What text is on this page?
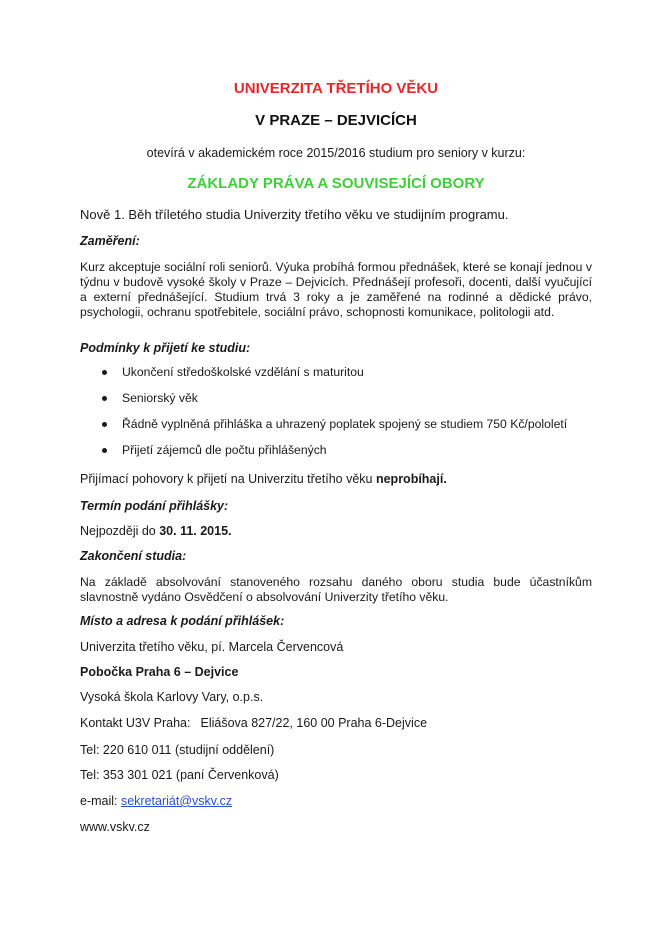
UNIVERZITA TŘETÍHO VĚKU
V PRAZE – DEJVICÍCH
otevírá v akademickém roce 2015/2016 studium pro seniory v kurzu:
ZÁKLADY PRÁVA A SOUVISEJÍCÍ OBORY
Nově 1. Běh tříletého studia Univerzity třetího věku ve studijním programu.
Zaměření:
Kurz akceptuje sociální roli seniorů. Výuka probíhá formou přednášek, které se konají jednou v týdnu v budově vysoké školy v Praze – Dejvicích. Přednášejí profesoři, docenti, další vyučující a externí přednášející. Studium trvá 3 roky a je zaměřené na rodinné a dědické právo, psychologii, ochranu spotřebitele, sociální právo, schopnosti komunikace, politologii atd.
Podmínky k přijetí ke studiu:
Ukončení středoškolské vzdělání s maturitou
Seniorský věk
Řádně vyplněná přihláška a uhrazený poplatek spojený se studiem 750 Kč/pololetí
Přijetí zájemců dle počtu přihlášených
Přijímací pohovory k přijetí na Univerzitu třetího věku neprobíhají.
Termín podání přihlášky:
Nejpozději do 30. 11. 2015.
Zakončení studia:
Na základě absolvování stanoveného rozsahu daného oboru studia bude účastníkům slavnostně vydáno Osvědčení o absolvování Univerzity třetího věku.
Místo a adresa k podání přihlášek:
Univerzita třetího věku, pí. Marcela Červencová
Pobočka Praha 6 – Dejvice
Vysoká škola Karlovy Vary, o.p.s.
Kontakt U3V Praha: Eliášova 827/22, 160 00 Praha 6-Dejvice
Tel: 220 610 011 (studijní oddělení)
Tel: 353 301 021 (paní Červenková)
e-mail: sekretariát@vskv.cz
www.vskv.cz
